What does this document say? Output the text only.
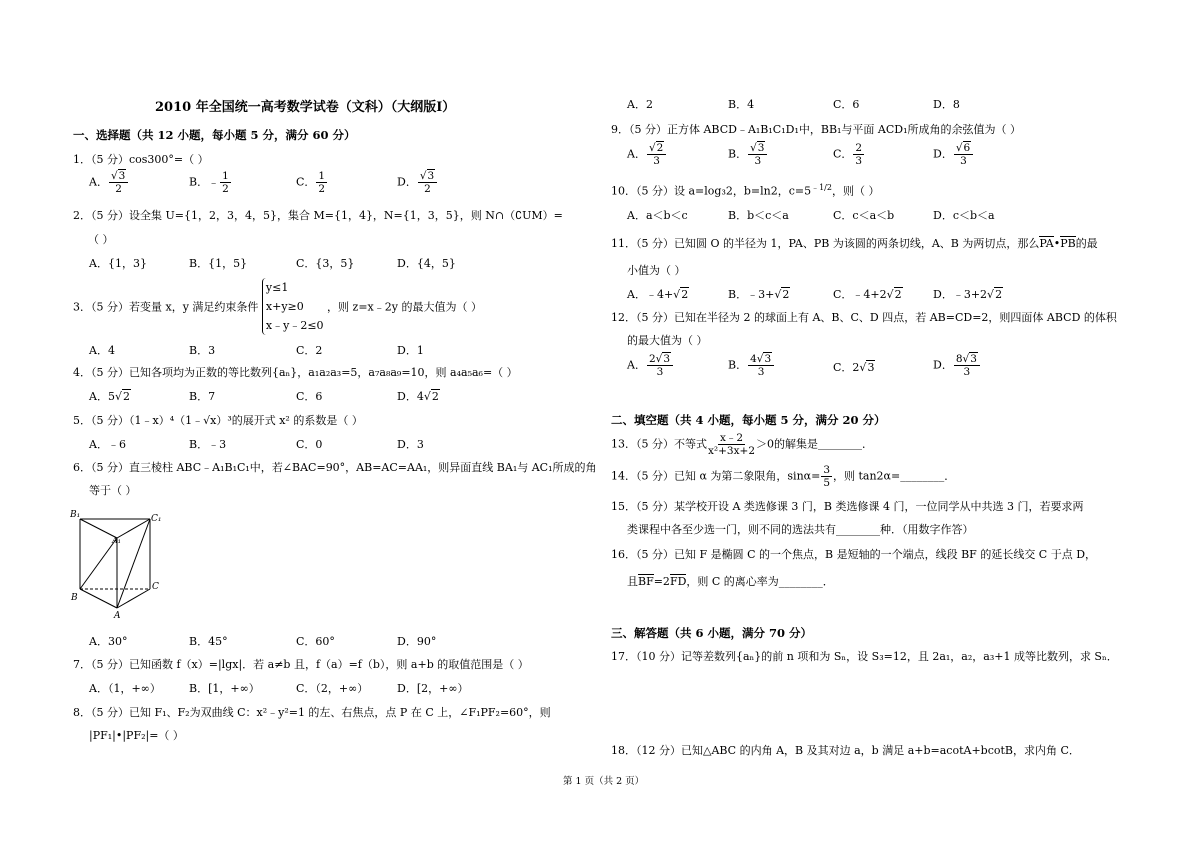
2010 年全国统一高考数学试卷（文科）（大纲版Ⅰ）
一、选择题（共 12 小题，每小题 5 分，满分 60 分）
1．（5 分）cos300°=（ ）
A． $\frac{√3}{2}$	B．﹣ $\frac{1}{2}$	C． $\frac{1}{2}$	D． $\frac{√3}{2}$
2．（5 分）设全集 U={1，2，3，4，5}，集合 M={1，4}，N={1，3，5}，则 N∩（∁UM）=
（ ）
A．{1，3}	B．{1，5}	C．{3，5}	D．{4，5}
3．（5 分）若变量 x，y 满足约束条件 y≤1
x+y≥0
x﹣y﹣2≤0 ，则 z=x﹣2y 的最大值为（ ）
A．4	B．3	C．2	D．1
4．（5 分）已知各项均为正数的等比数列{aₙ}，a₁a₂a₃=5，a₇a₈a₉=10，则 a₄a₅a₆=（ ）
A．5√2	B．7	C．6	D．4√2
5．（5 分）（1﹣x）⁴（1﹣√x）³的展开式 x² 的系数是（ ）
A．﹣6	B．﹣3	C．0	D．3
6．（5 分）直三棱柱 ABC﹣A₁B₁C₁中，若∠BAC=90°，AB=AC=AA₁，则异面直线 BA₁与 AC₁所成的角
等于（ ）
B₁	C₁
A₁
B
C
A
A．30°	B．45°	C．60°	D．90°
7．（5 分）已知函数 f（x）=|lgx|．若 a≠b 且，f（a）=f（b），则 a+b 的取值范围是（ ）
A．（1，+∞）	B．[1，+∞）	C．（2，+∞）	D．[2，+∞）
8．（5 分）已知 F₁、F₂为双曲线 C：x²﹣y²=1 的左、右焦点，点 P 在 C 上，∠F₁PF₂=60°，则
|PF₁|•|PF₂|=（ ）
A．2	B．4	C．6	D．8
9．（5 分）正方体 ABCD﹣A₁B₁C₁D₁中，BB₁与平面 ACD₁所成角的余弦值为（ ）
A． $\frac{√2}{3}$	B． $\frac{√3}{3}$	C． $\frac{2}{3}$	D． $\frac{√6}{3}$
10．（5 分）设 a=log₃2，b=ln2，$c=5^{﹣1/2}$，则（ ）
A．a＜b＜c	B．b＜c＜a	C．c＜a＜b	D．c＜b＜a
11．（5 分）已知圆 O 的半径为 1，PA、PB 为该圆的两条切线，A、B 为两切点，那么PA•PB的最
小值为（ ）
A．﹣4+√2	B．﹣3+√2	C．﹣4+2√2	D．﹣3+2√2
12．（5 分）已知在半径为 2 的球面上有 A、B、C、D 四点，若 AB=CD=2，则四面体 ABCD 的体积
的最大值为（ ）
A． $\frac{2√3}{3}$	B． $\frac{4√3}{3}$	C．2√3	D． $\frac{8√3}{3}$
二、填空题（共 4 小题，每小题 5 分，满分 20 分）
13．（5 分）不等式 $\frac{x﹣2}{\text{x²+3x+2}} >0$的解集是________．
14．（5 分）已知 α 为第二象限角，$\sin\alpha= \frac{3}{5}$ ，则 tan2α=________．
15．（5 分）某学校开设 A 类选修课 3 门，B 类选修课 4 门，一位同学从中共选 3 门，若要求两
类课程中各至少选一门，则不同的选法共有________种．（用数字作答）
16．（5 分）已知 F 是椭圆 C 的一个焦点，B 是短轴的一个端点，线段 BF 的延长线交 C 于点 D，
且BF=2FD，则 C 的离心率为________．
三、解答题（共 6 小题，满分 70 分）
17．（10 分）记等差数列{aₙ}的前 n 项和为 Sₙ，设 S₃=12，且 2a₁，a₂，a₃+1 成等比数列，求 Sₙ．
18．（12 分）已知△ABC 的内角 A，B 及其对边 a，b 满足 a+b=acotA+bcotB，求内角 C．
第 1 页（共 2 页）
